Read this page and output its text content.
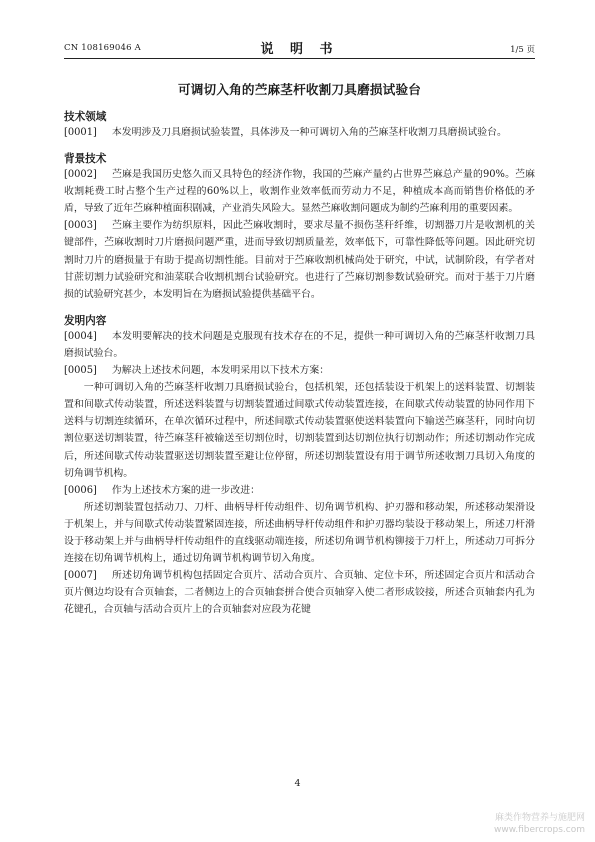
CN 108169046 A	说 明 书	1/5 页
可调切入角的苎麻茎杆收割刀具磨损试验台

技术领域

[0001] 本发明涉及刀具磨损试验装置，具体涉及一种可调切入角的苎麻茎杆收割刀具磨损试验台。

背景技术

[0002] 苎麻是我国历史悠久而又具特色的经济作物，我国的苎麻产量约占世界苎麻总产量的90%。苎麻收割耗费工时占整个生产过程的60%以上，收割作业效率低而劳动力不足，种植成本高而销售价格低的矛盾，导致了近年苎麻种植面积剧减，产业消失风险大。显然苎麻收割问题成为制约苎麻利用的重要因素。

[0003] 苎麻主要作为纺织原料，因此苎麻收割时，要求尽量不损伤茎秆纤维，切割器刀片是收割机的关键部件，苎麻收割时刀片磨损问题严重，进而导致切割质量差，效率低下，可靠性降低等问题。因此研究切割时刀片的磨损量于有助于提高切割性能。目前对于苎麻收割机械尚处于研究，中试，试制阶段，有学者对甘蔗切割力试验研究和油菜联合收割机割台试验研究。也进行了苎麻切割参数试验研究。而对于基于刀片磨损的试验研究甚少，本发明旨在为磨损试验提供基础平台。

发明内容

[0004] 本发明要解决的技术问题是克服现有技术存在的不足，提供一种可调切入角的苎麻茎杆收割刀具磨损试验台。

[0005] 为解决上述技术问题，本发明采用以下技术方案：

一种可调切入角的苎麻茎杆收割刀具磨损试验台，包括机架，还包括装设于机架上的送料装置、切割装置和间歇式传动装置，所述送料装置与切割装置通过间歇式传动装置连接，在间歇式传动装置的协同作用下送料与切割连续循环，在单次循环过程中，所述间歇式传动装置驱使送料装置向下输送苎麻茎秆，同时向切割位驱送切割装置，待苎麻茎秆被输送至切割位时，切割装置到达切割位执行切割动作；所述切割动作完成后，所述间歇式传动装置驱送切割装置至避让位停留，所述切割装置设有用于调节所述收割刀具切入角度的切角调节机构。

[0006] 作为上述技术方案的进一步改进：

所述切割装置包括动刀、刀杆、曲柄导杆传动组件、切角调节机构、护刃器和移动架，所述移动架滑设于机架上，并与间歇式传动装置紧固连接，所述曲柄导杆传动组件和护刃器均装设于移动架上，所述刀杆滑设于移动架上并与曲柄导杆传动组件的直线驱动端连接，所述切角调节机构铆接于刀杆上，所述动刀可拆分连接在切角调节机构上，通过切角调节机构调节切入角度。

[0007] 所述切角调节机构包括固定合页片、活动合页片、合页轴、定位卡环，所述固定合页片和活动合页片侧边均设有合页轴套，二者侧边上的合页轴套拼合使合页轴穿入使二者形成铰接，所述合页轴套内孔为花键孔，合页轴与活动合页片上的合页轴套对应段为花键

4
麻类作物营养与施肥网
www.fibercrops.com
